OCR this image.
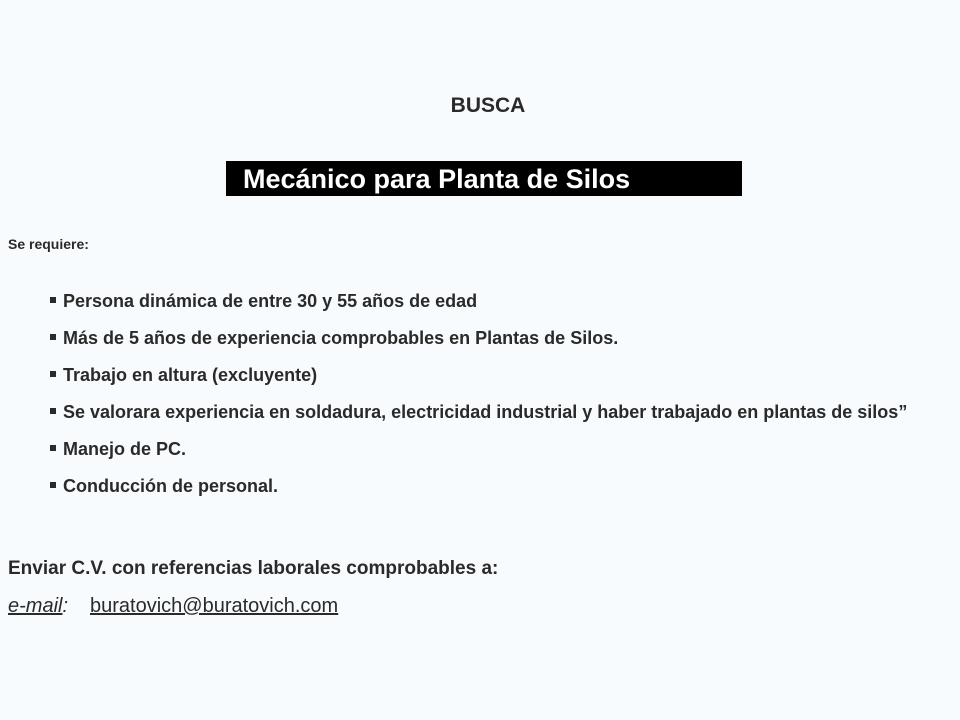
BUSCA
Mecánico para Planta de Silos
Se requiere:
Persona dinámica de entre 30 y 55 años de edad
Más de 5 años de experiencia comprobables en Plantas de Silos.
Trabajo en altura (excluyente)
Se valorara experiencia en soldadura, electricidad industrial y haber trabajado en plantas de silos”
Manejo de PC.
Conducción de personal.
Enviar C.V. con referencias laborales comprobables a:
e-mail: buratovich@buratovich.com
